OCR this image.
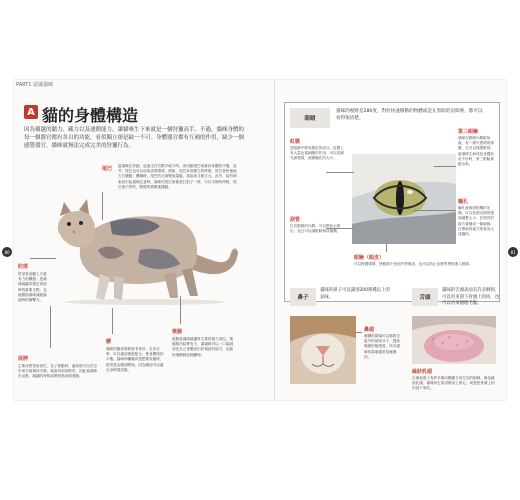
PART1 認識貓咪
A 貓的身體構造
因為優越的聽力、藏力以及運動能力，讓貓咪生下來就是一個狩獵高手。不過，貓咪身體的每一個器官都有各自的功能，看似獨立卻是缺一不可。身體器官都有互補的作用，缺少一個感覺器官，貓咪就無法完成完美的狩獵行為。
尾巴 當貓咪在奔跑、追逐走在有限平地方時，會用動尾巴來維持身體的平衡。此外，尾巴也可以用來表現情緒，例如，尾巴高高豎立的時候，尾巴會快速地左右擺動；驚嚇時，尾巴的毛會變成蓬鬆，看起來又粗又大。此外，當有個東西引起貓咪注意時，貓咪的尾巴會像是打拍子一樣，可以平靜的時候，尾巴會不停的、輕輕的微微地擺動。
肘部
肘部是前腳上方最有力的關節。是貓咪跳躍或穩定著陸時的重要支點，也能幫助貓咪減緩落地時的衝擊力。
肩胛
主要成對搭肩部位，為了移動時，讓前肢可以在空中或平地保持平衡，就會用到肩胛骨，因此當貓咪在走路、跳躍的時候肩胛骨都會跟著動。
腰
貓咪的腰部柔軟度非常好，在步行時，可以讓前後肢配合，使身體保持平衡。貓咪伸懶腰或是想要放鬆時，經常是由腰部開始，因為腰部可以讓全身伸展放鬆。
後腿
後腿是貓咪跳躍時主要的施力部位。後腿肌肉結實有力，讓貓咪可以一口氣跳到比自己身體高出好幾倍的地方，也能快速衝刺追捕獵物。
眼睛
貓咪的視野是280度，對於快速移動的物體或是在黑暗的房間裡，都可以看得很清楚。
虹膜
是眼睛中間有顏色的部分。虹膜上有大量色素細胞的作用，可以依據光線強弱，改變瞳孔的大小。
第三眼瞼
貓咪在眼睛內側眼角處，有一層半透明的薄膜，它可以保護眼球，當貓咪生病或是身體狀況不好時，第三眼瞼會跑出來。
瞳孔
瞳孔就像照相機的光圈，可以依照光線的強弱調整大小，在明亮的地方會瞇成一條細線，在黑暗的地方則會放大成圓形。
淚管
位於眼睛的內側，可以將淚水排出，並且可以讓眼睛保持濕潤。
眼瞼（眼皮）
可以保護眼睛，使眼睛不受到外界傷害，也可以防止灰塵等異物進入眼睛。
鼻子
貓咪的鼻子可以識別200萬種以上的氣味。
鼻頭
濕潤的鼻頭可以黏附空氣中的氣味分子，提高嗅覺的敏感度，所以貓咪的鼻頭通常是濕濕的。
舌頭
貓咪的舌頭表面有許多倒刺，可以用來刮下骨頭上的肉，也可以用來梳理毛髮。
絲狀乳頭
舌頭表面上有許多朝向喉嚨方向生長的倒刺，稱為絲狀乳頭，貓咪用它來清理身上的毛，或是把骨頭上的肉刮下來吃。
80	81
